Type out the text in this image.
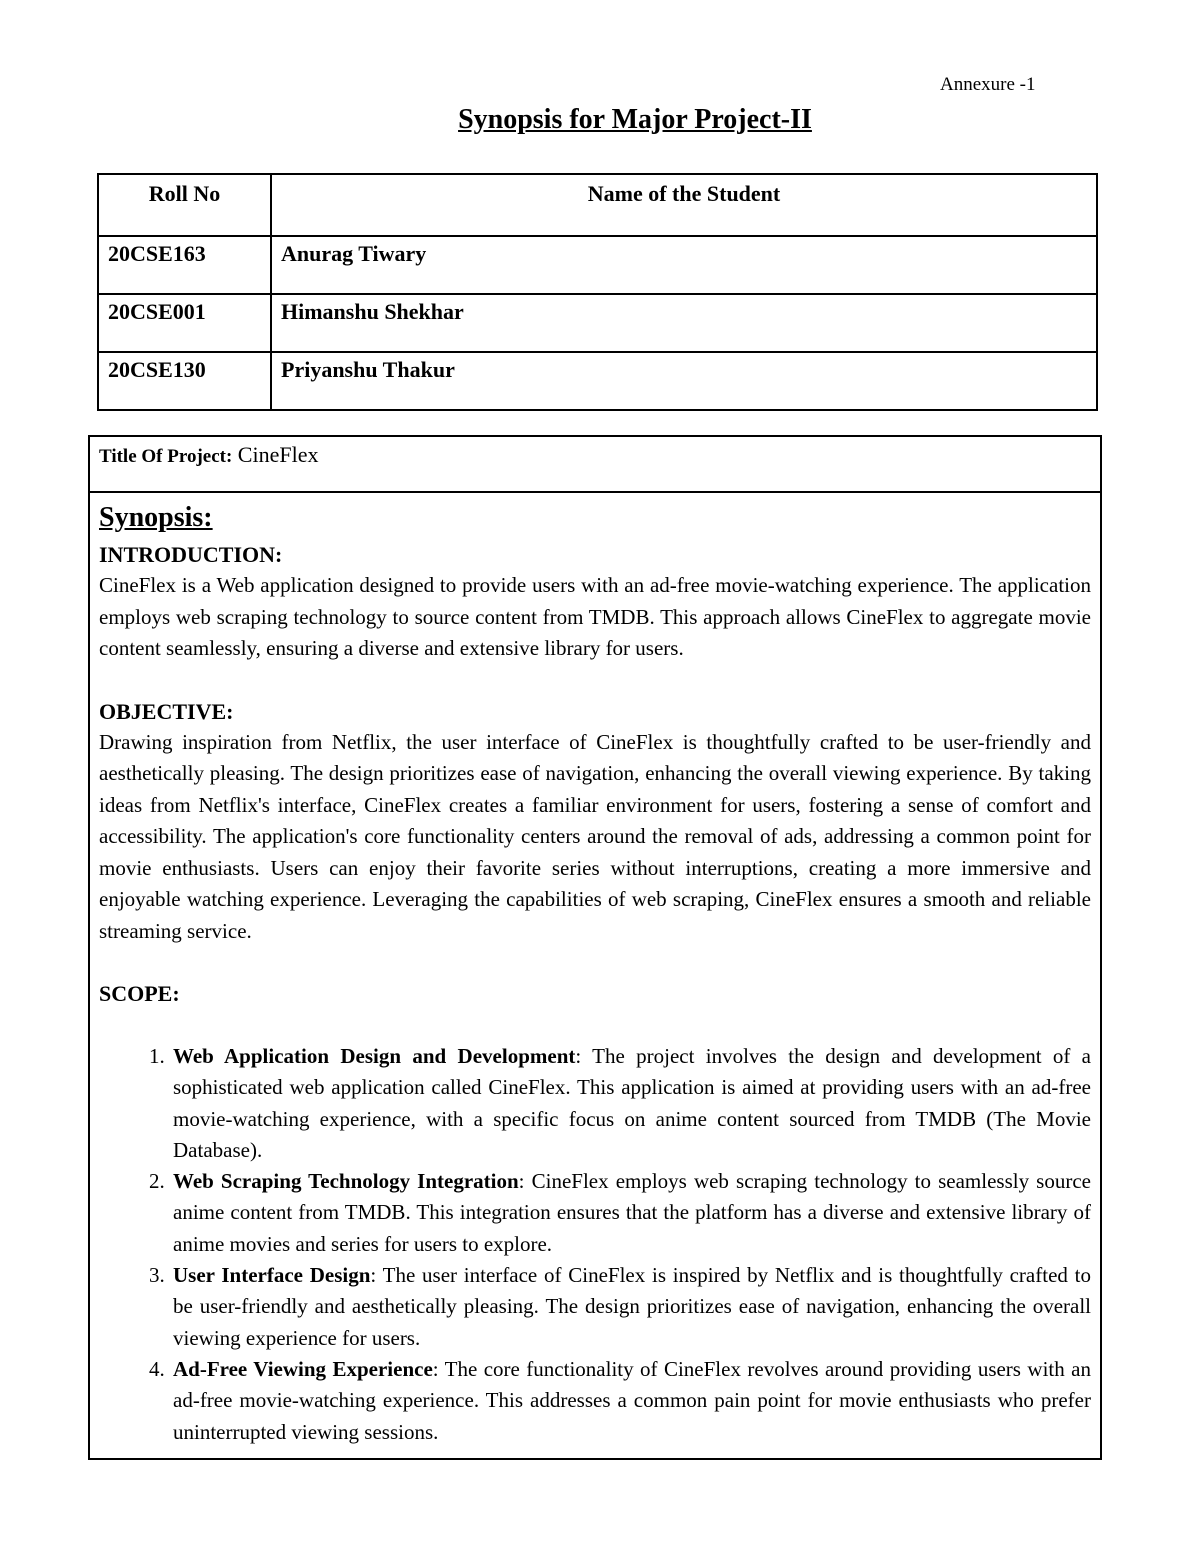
Annexure -1
Synopsis for Major Project-II
Roll No	Name of the Student
20CSE163	Anurag Tiwary
20CSE001	Himanshu Shekhar
20CSE130	Priyanshu Thakur
Title Of Project: CineFlex
Synopsis:
INTRODUCTION:

CineFlex is a Web application designed to provide users with an ad-free movie-watching experience. The application employs web scraping technology to source content from TMDB. This approach allows CineFlex to aggregate movie content seamlessly, ensuring a diverse and extensive library for users.

OBJECTIVE:

Drawing inspiration from Netflix, the user interface of CineFlex is thoughtfully crafted to be user-friendly and aesthetically pleasing. The design prioritizes ease of navigation, enhancing the overall viewing experience. By taking ideas from Netflix's interface, CineFlex creates a familiar environment for users, fostering a sense of comfort and accessibility. The application's core functionality centers around the removal of ads, addressing a common point for movie enthusiasts. Users can enjoy their favorite series without interruptions, creating a more immersive and enjoyable watching experience. Leveraging the capabilities of web scraping, CineFlex ensures a smooth and reliable streaming service.

SCOPE:
1. Web Application Design and Development: The project involves the design and development of a sophisticated web application called CineFlex. This application is aimed at providing users with an ad-free movie-watching experience, with a specific focus on anime content sourced from TMDB (The Movie Database).
2. Web Scraping Technology Integration: CineFlex employs web scraping technology to seamlessly source anime content from TMDB. This integration ensures that the platform has a diverse and extensive library of anime movies and series for users to explore.
3. User Interface Design: The user interface of CineFlex is inspired by Netflix and is thoughtfully crafted to be user-friendly and aesthetically pleasing. The design prioritizes ease of navigation, enhancing the overall viewing experience for users.
4. Ad-Free Viewing Experience: The core functionality of CineFlex revolves around providing users with an ad-free movie-watching experience. This addresses a common pain point for movie enthusiasts who prefer uninterrupted viewing sessions.
